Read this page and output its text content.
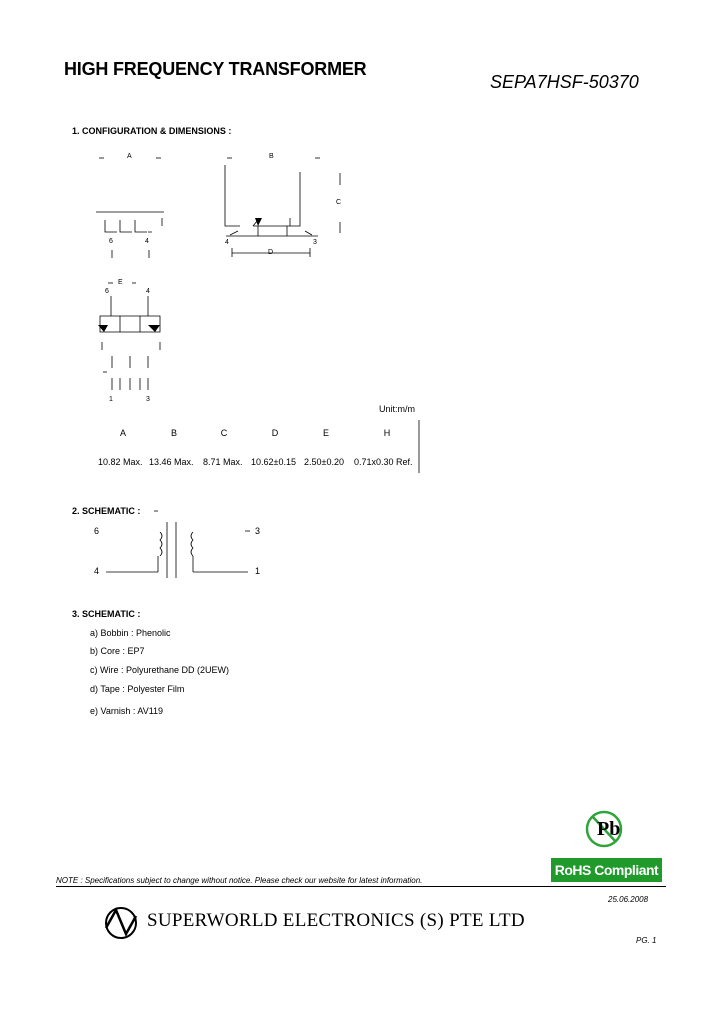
HIGH FREQUENCY TRANSFORMER
SEPA7HSF-50370
1. CONFIGURATION & DIMENSIONS :
A	B
C
D
E
6	4	4	3
6	4
1	3
Unit:m/m
A	B	C	D	E	H
10.82 Max. 13.46 Max. 8.71 Max. 10.62±0.15 2.50±0.20 0.71x0.30 Ref.
2. SCHEMATIC :
6
4
3
1
3. SCHEMATIC :
a) Bobbin : Phenolic
b) Core : EP7
c) Wire : Polyurethane DD (2UEW)
d) Tape : Polyester Film
e) Varnish : AV119
Pb
RoHS Compliant
NOTE : Specifications subject to change without notice. Please check our website for latest information.
25.06.2008
SUPERWORLD ELECTRONICS (S) PTE LTD
PG. 1
